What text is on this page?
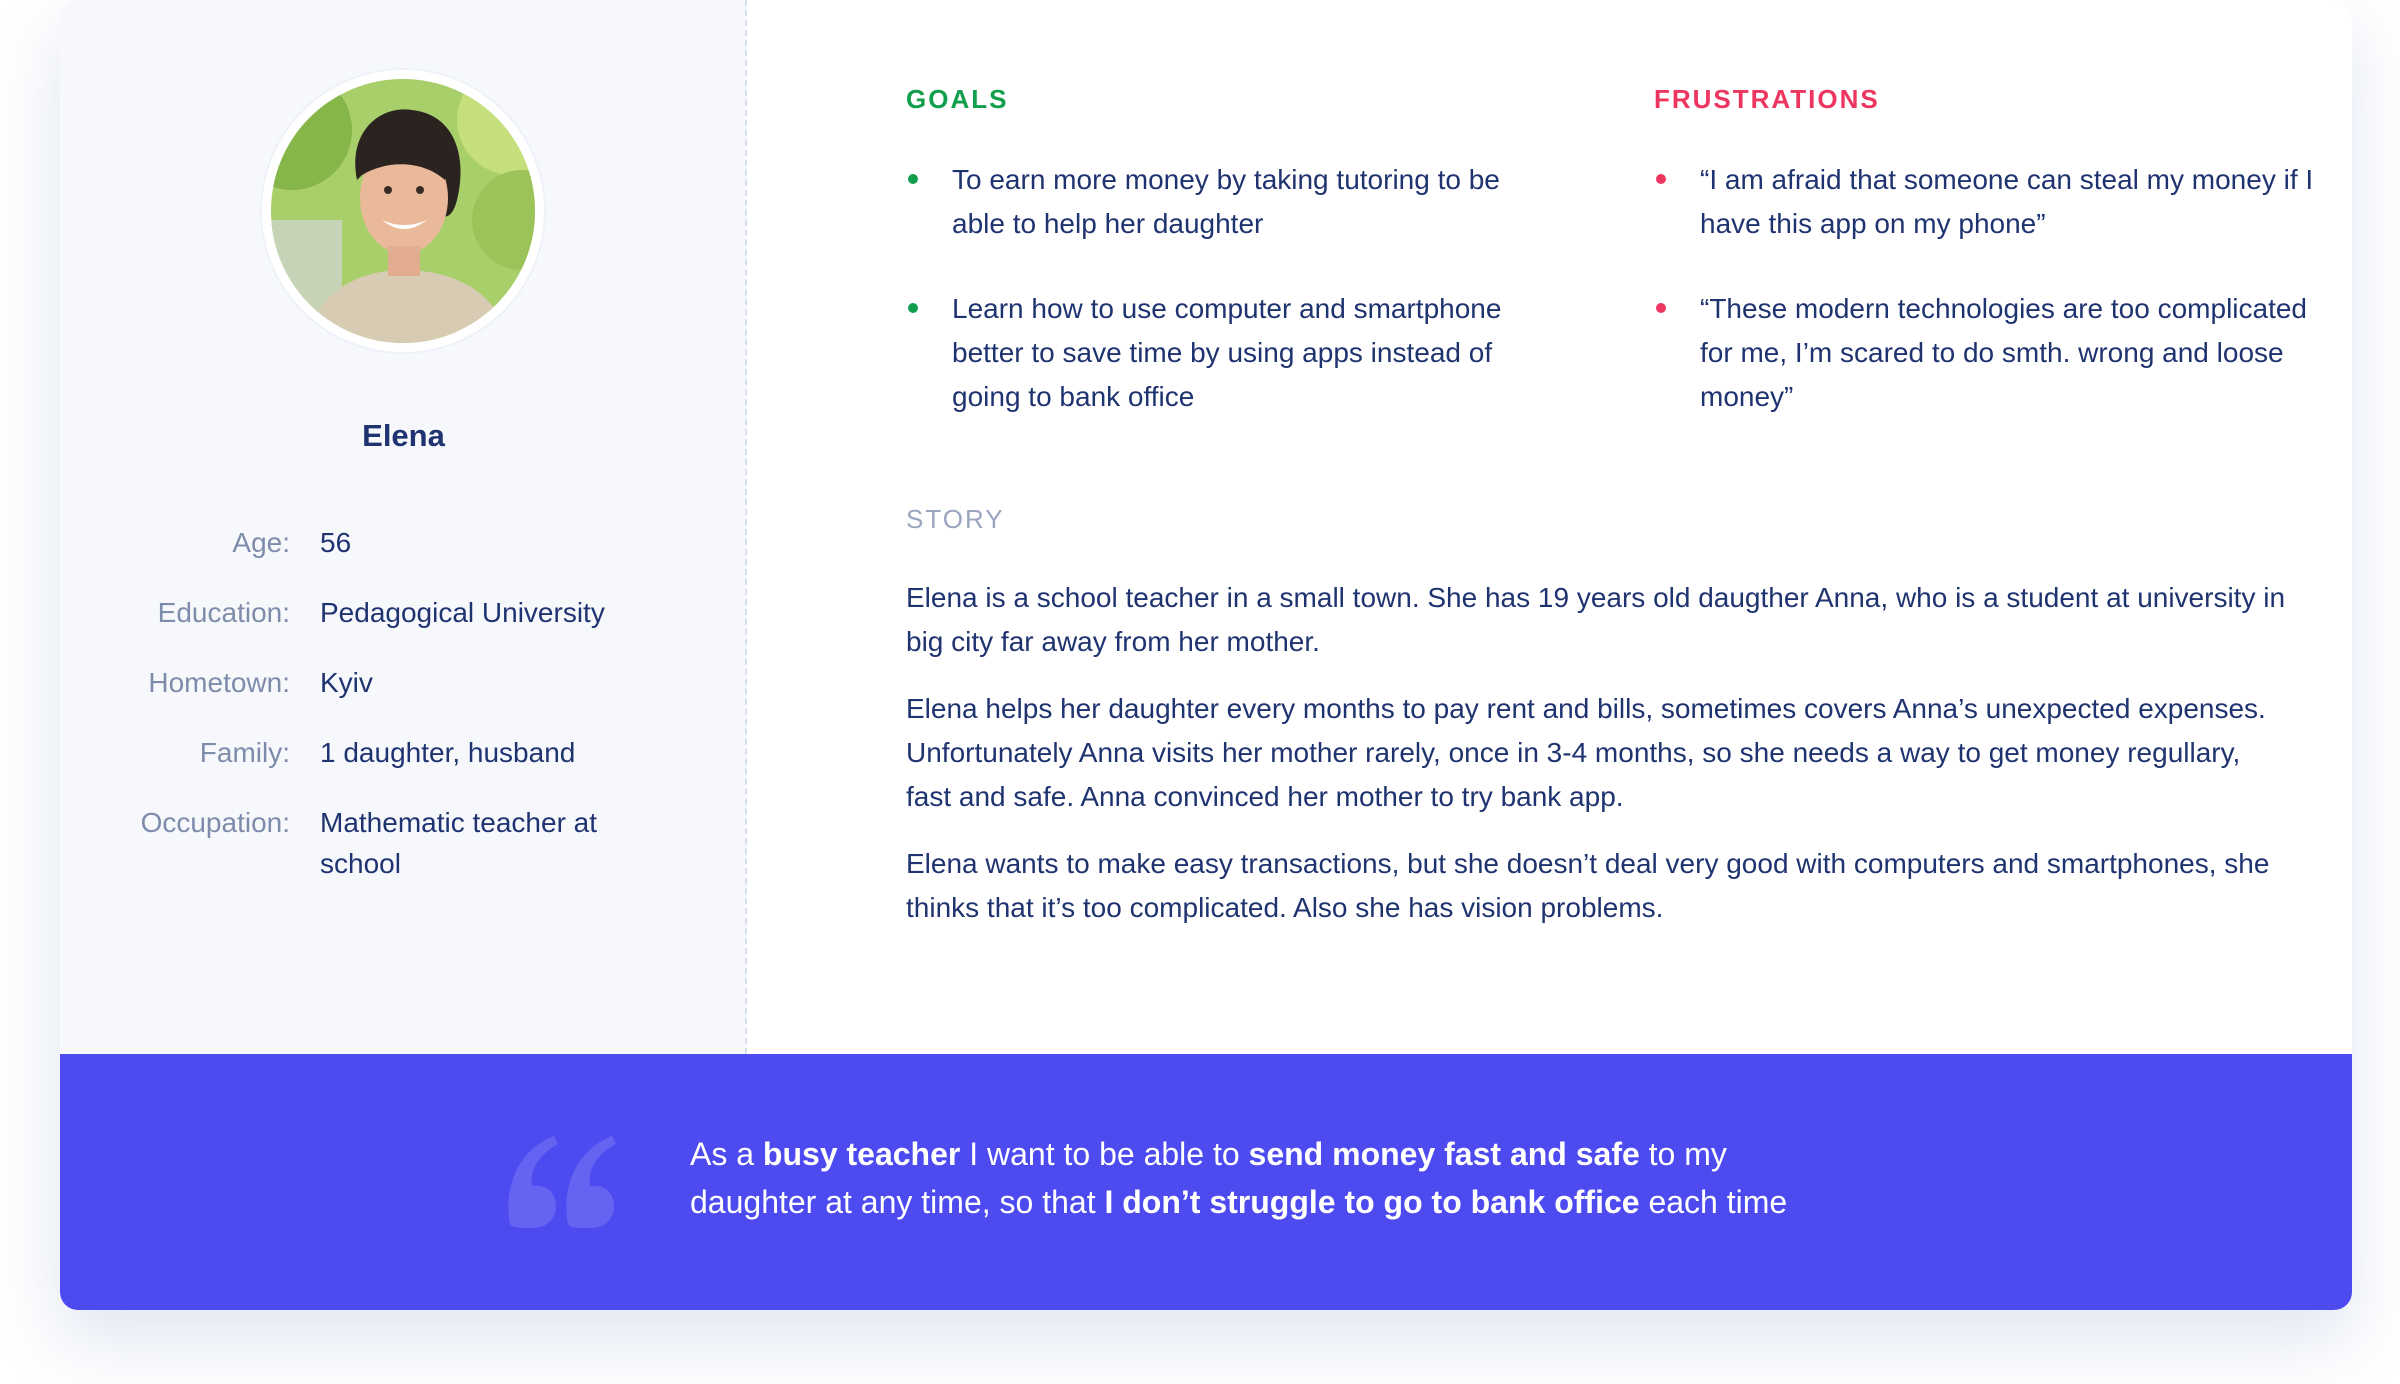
Elena
Age:	56
Education:	Pedagogical University
Hometown:	Kyiv
Family:	1 daughter, husband
Occupation:	Mathematic teacher at school
GOALS
To earn more money by taking tutoring to be able to help her daughter
Learn how to use computer and smartphone better to save time by using apps instead of going to bank office
FRUSTRATIONS
“I am afraid that someone can steal my money if I have this app on my phone”
“These modern technologies are too complicated for me, I’m scared to do smth. wrong and loose money”
STORY

Elena is a school teacher in a small town. She has 19 years old daugther Anna, who is a student at university in big city far away from her mother.

Elena helps her daughter every months to pay rent and bills, sometimes covers Anna’s unexpected expenses. Unfortunately Anna visits her mother rarely, once in 3-4 months, so she needs a way to get money regullary, fast and safe. Anna convinced her mother to try bank app.

Elena wants to make easy transactions, but she doesn’t deal very good with computers and smartphones, she thinks that it’s too complicated. Also she has vision problems.

As a busy teacher I want to be able to send money fast and safe to my daughter at any time, so that I don’t struggle to go to bank office each time
